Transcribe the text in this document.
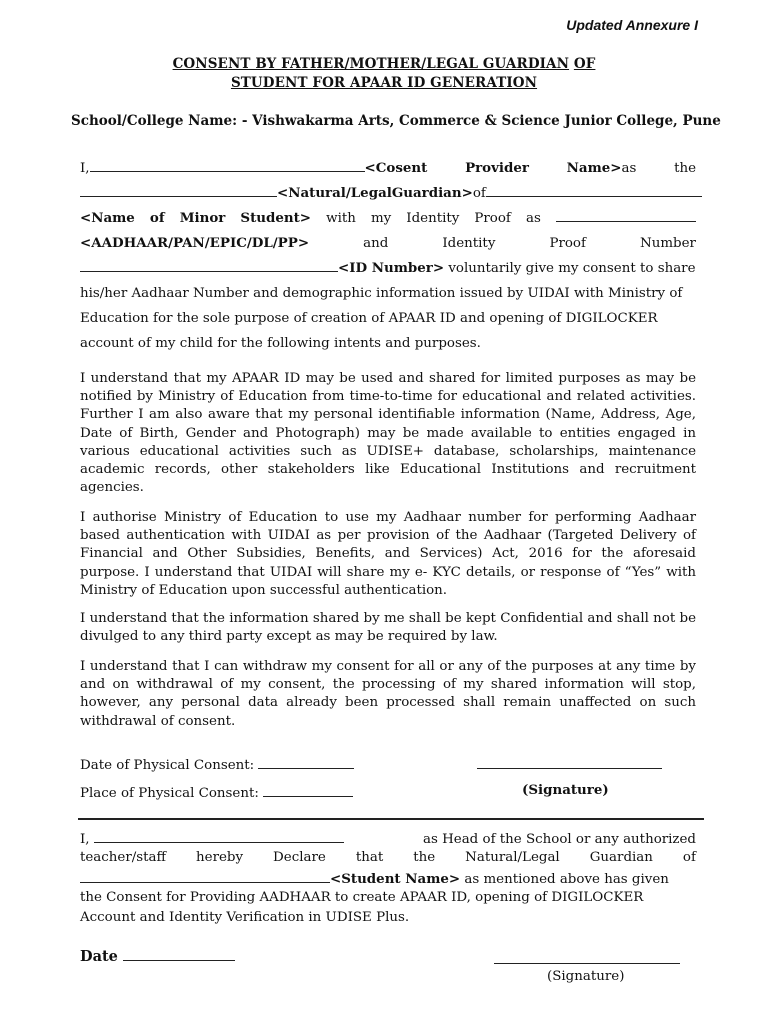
Updated Annexure I
CONSENT BY FATHER/MOTHER/LEGAL GUARDIAN OF
STUDENT FOR APAAR ID GENERATION
School/College Name: - Vishwakarma Arts, Commerce & Science Junior College, Pune
I,	<Cosent	Provider	Name>as	the
<Natural/LegalGuardian>of
<Name of Minor Student> with my Identity Proof as
<AADHAAR/PAN/EPIC/DL/PP>	and	Identity	Proof	Number
<ID Number> voluntarily give my consent to share
his/her Aadhaar Number and demographic information issued by UIDAI with Ministry of
Education for the sole purpose of creation of APAAR ID and opening of DIGILOCKER
account of my child for the following intents and purposes.
I understand that my APAAR ID may be used and shared for limited purposes as may be notified by Ministry of Education from time-to-time for educational and related activities. Further I am also aware that my personal identifiable information (Name, Address, Age, Date of Birth, Gender and Photograph) may be made available to entities engaged in various educational activities such as UDISE+ database, scholarships, maintenance academic records, other stakeholders like Educational Institutions and recruitment agencies.
I authorise Ministry of Education to use my Aadhaar number for performing Aadhaar based authentication with UIDAI as per provision of the Aadhaar (Targeted Delivery of Financial and Other Subsidies, Benefits, and Services) Act, 2016 for the aforesaid purpose. I understand that UIDAI will share my e- KYC details, or response of “Yes” with Ministry of Education upon successful authentication.
I understand that the information shared by me shall be kept Confidential and shall not be divulged to any third party except as may be required by law.
I understand that I can withdraw my consent for all or any of the purposes at any time by and on withdrawal of my consent, the processing of my shared information will stop, however, any personal data already been processed shall remain unaffected on such withdrawal of consent.
Date of Physical Consent:
Place of Physical Consent:	(Signature)
I,	as Head of the School or any authorized
teacher/staff hereby Declare that the Natural/Legal Guardian of
<Student Name> as mentioned above has given
the Consent for Providing AADHAAR to create APAAR ID, opening of DIGILOCKER
Account and Identity Verification in UDISE Plus.
Date
(Signature)
